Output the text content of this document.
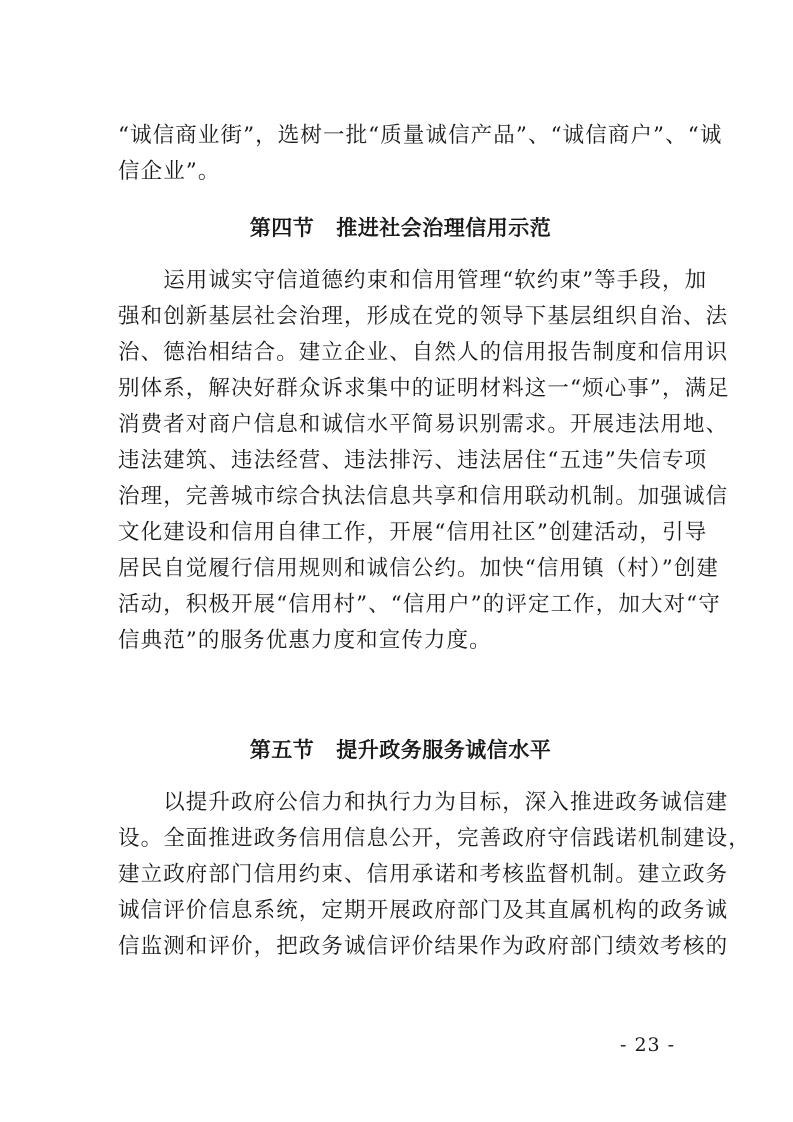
“诚信商业街”，选树一批“质量诚信产品”、“诚信商户”、“诚
信企业”。
第四节 推进社会治理信用示范
　　运用诚实守信道德约束和信用管理“软约束”等手段，加
强和创新基层社会治理，形成在党的领导下基层组织自治、法
治、德治相结合。建立企业、自然人的信用报告制度和信用识
别体系，解决好群众诉求集中的证明材料这一“烦心事”，满足
消费者对商户信息和诚信水平简易识别需求。开展违法用地、
违法建筑、违法经营、违法排污、违法居住“五违”失信专项
治理，完善城市综合执法信息共享和信用联动机制。加强诚信
文化建设和信用自律工作，开展“信用社区”创建活动，引导
居民自觉履行信用规则和诚信公约。加快“信用镇（村）”创建
活动，积极开展“信用村”、“信用户”的评定工作，加大对“守
信典范”的服务优惠力度和宣传力度。
第五节 提升政务服务诚信水平
　　以提升政府公信力和执行力为目标，深入推进政务诚信建
设。全面推进政务信用信息公开，完善政府守信践诺机制建设，
建立政府部门信用约束、信用承诺和考核监督机制。建立政务
诚信评价信息系统，定期开展政府部门及其直属机构的政务诚
信监测和评价，把政务诚信评价结果作为政府部门绩效考核的
- 23 -
